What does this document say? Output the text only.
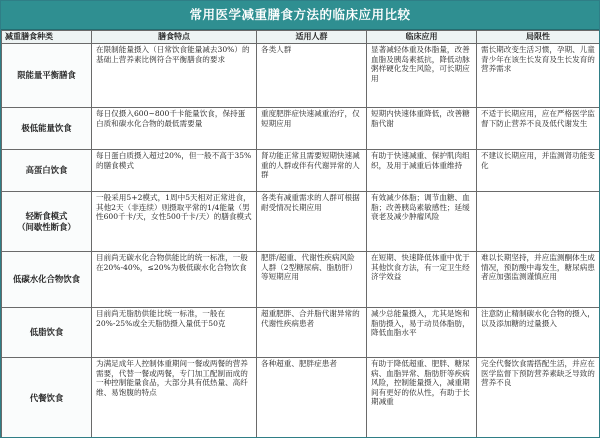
常用医学减重膳食方法的临床应用比较
减重膳食种类	膳食特点	适用人群	临床应用	局限性
限能量平衡膳食	在限制能量摄入（日常饮食能量减去30%）的基础上营养素比例符合平衡膳食的要求	各类人群	显著减轻体重及体脂量，改善血脂及胰岛素抵抗，降低动脉粥样硬化发生风险，可长期应用	需长期改变生活习惯，孕期、儿童青少年在该生长发育及生长发育的营养需求
极低能量饮食	每日仅摄入600~800千卡能量饮食，保持蛋白质和碳水化合物的最低需要量	重度肥胖症快速减重治疗，仅短期应用	短期内快速体重降低，改善糖脂代谢	不适于长期应用，应在严格医学监督下防止营养不良及低代谢发生
高蛋白饮食	每日蛋白质摄入超过20%，但一般不高于35%的膳食模式	肾功能正常且需要短期快速减重的人群或伴有代谢异常的人群	有助于快速减重、保护肌肉组织，及用于减重后体重维持	不建议长期应用，并监测肾功能变化

轻断食模式
（间歇性断食）	一般采用5+2模式，1周中5天相对正常进食，其他2天（非连续）则摄取平常的1/4能量（男性600千卡/天，女性500千卡/天）的膳食模式	各类有减重需求的人群可根据耐受情况长期应用	有效减少体脂；调节血糖、血脂；改善胰岛素敏感性；延缓衰老及减少肿瘤风险	
低碳水化合物饮食	目前尚无碳水化合物供能比的统一标准，一般在20%-40%，≤20%为极低碳水化合物饮食	肥胖/超重、代谢性疾病风险人群（2型糖尿病、脂肪肝）等短期应用	在短期、快速降低体重中优于其他饮食方法，有一定卫生经济学效益	难以长期坚持，并应监测酮体生成情况，预防酸中毒发生，糖尿病患者应加强监测谨慎应用
低脂饮食	目前尚无脂肪供能比统一标准，一般在20%-25%或全天脂肪摄入量低于50克	超重肥胖、合并脂代谢异常的代谢性疾病患者	减少总能量摄入，尤其是饱和脂肪摄入，易于动员体脂肪，降低血脂水平	注意防止精制碳水化合物的摄入，以及添加糖的过量摄入
代餐饮食	为满足成年人控制体重期间一餐或两餐的营养需要，代替一餐或两餐，专门加工配制而成的一种控制能量食品，大部分具有低热量、高纤维、易饱腹的特点	各种超重、肥胖症患者	有助于降低超重、肥胖、糖尿病、血脂异常、脂肪肝等疾病风险，控制能量摄入，减重期间有更好的依从性，有助于长期减重	完全代餐饮食需搭配生活，并应在医学监督下预防营养素缺乏导致的营养不良
